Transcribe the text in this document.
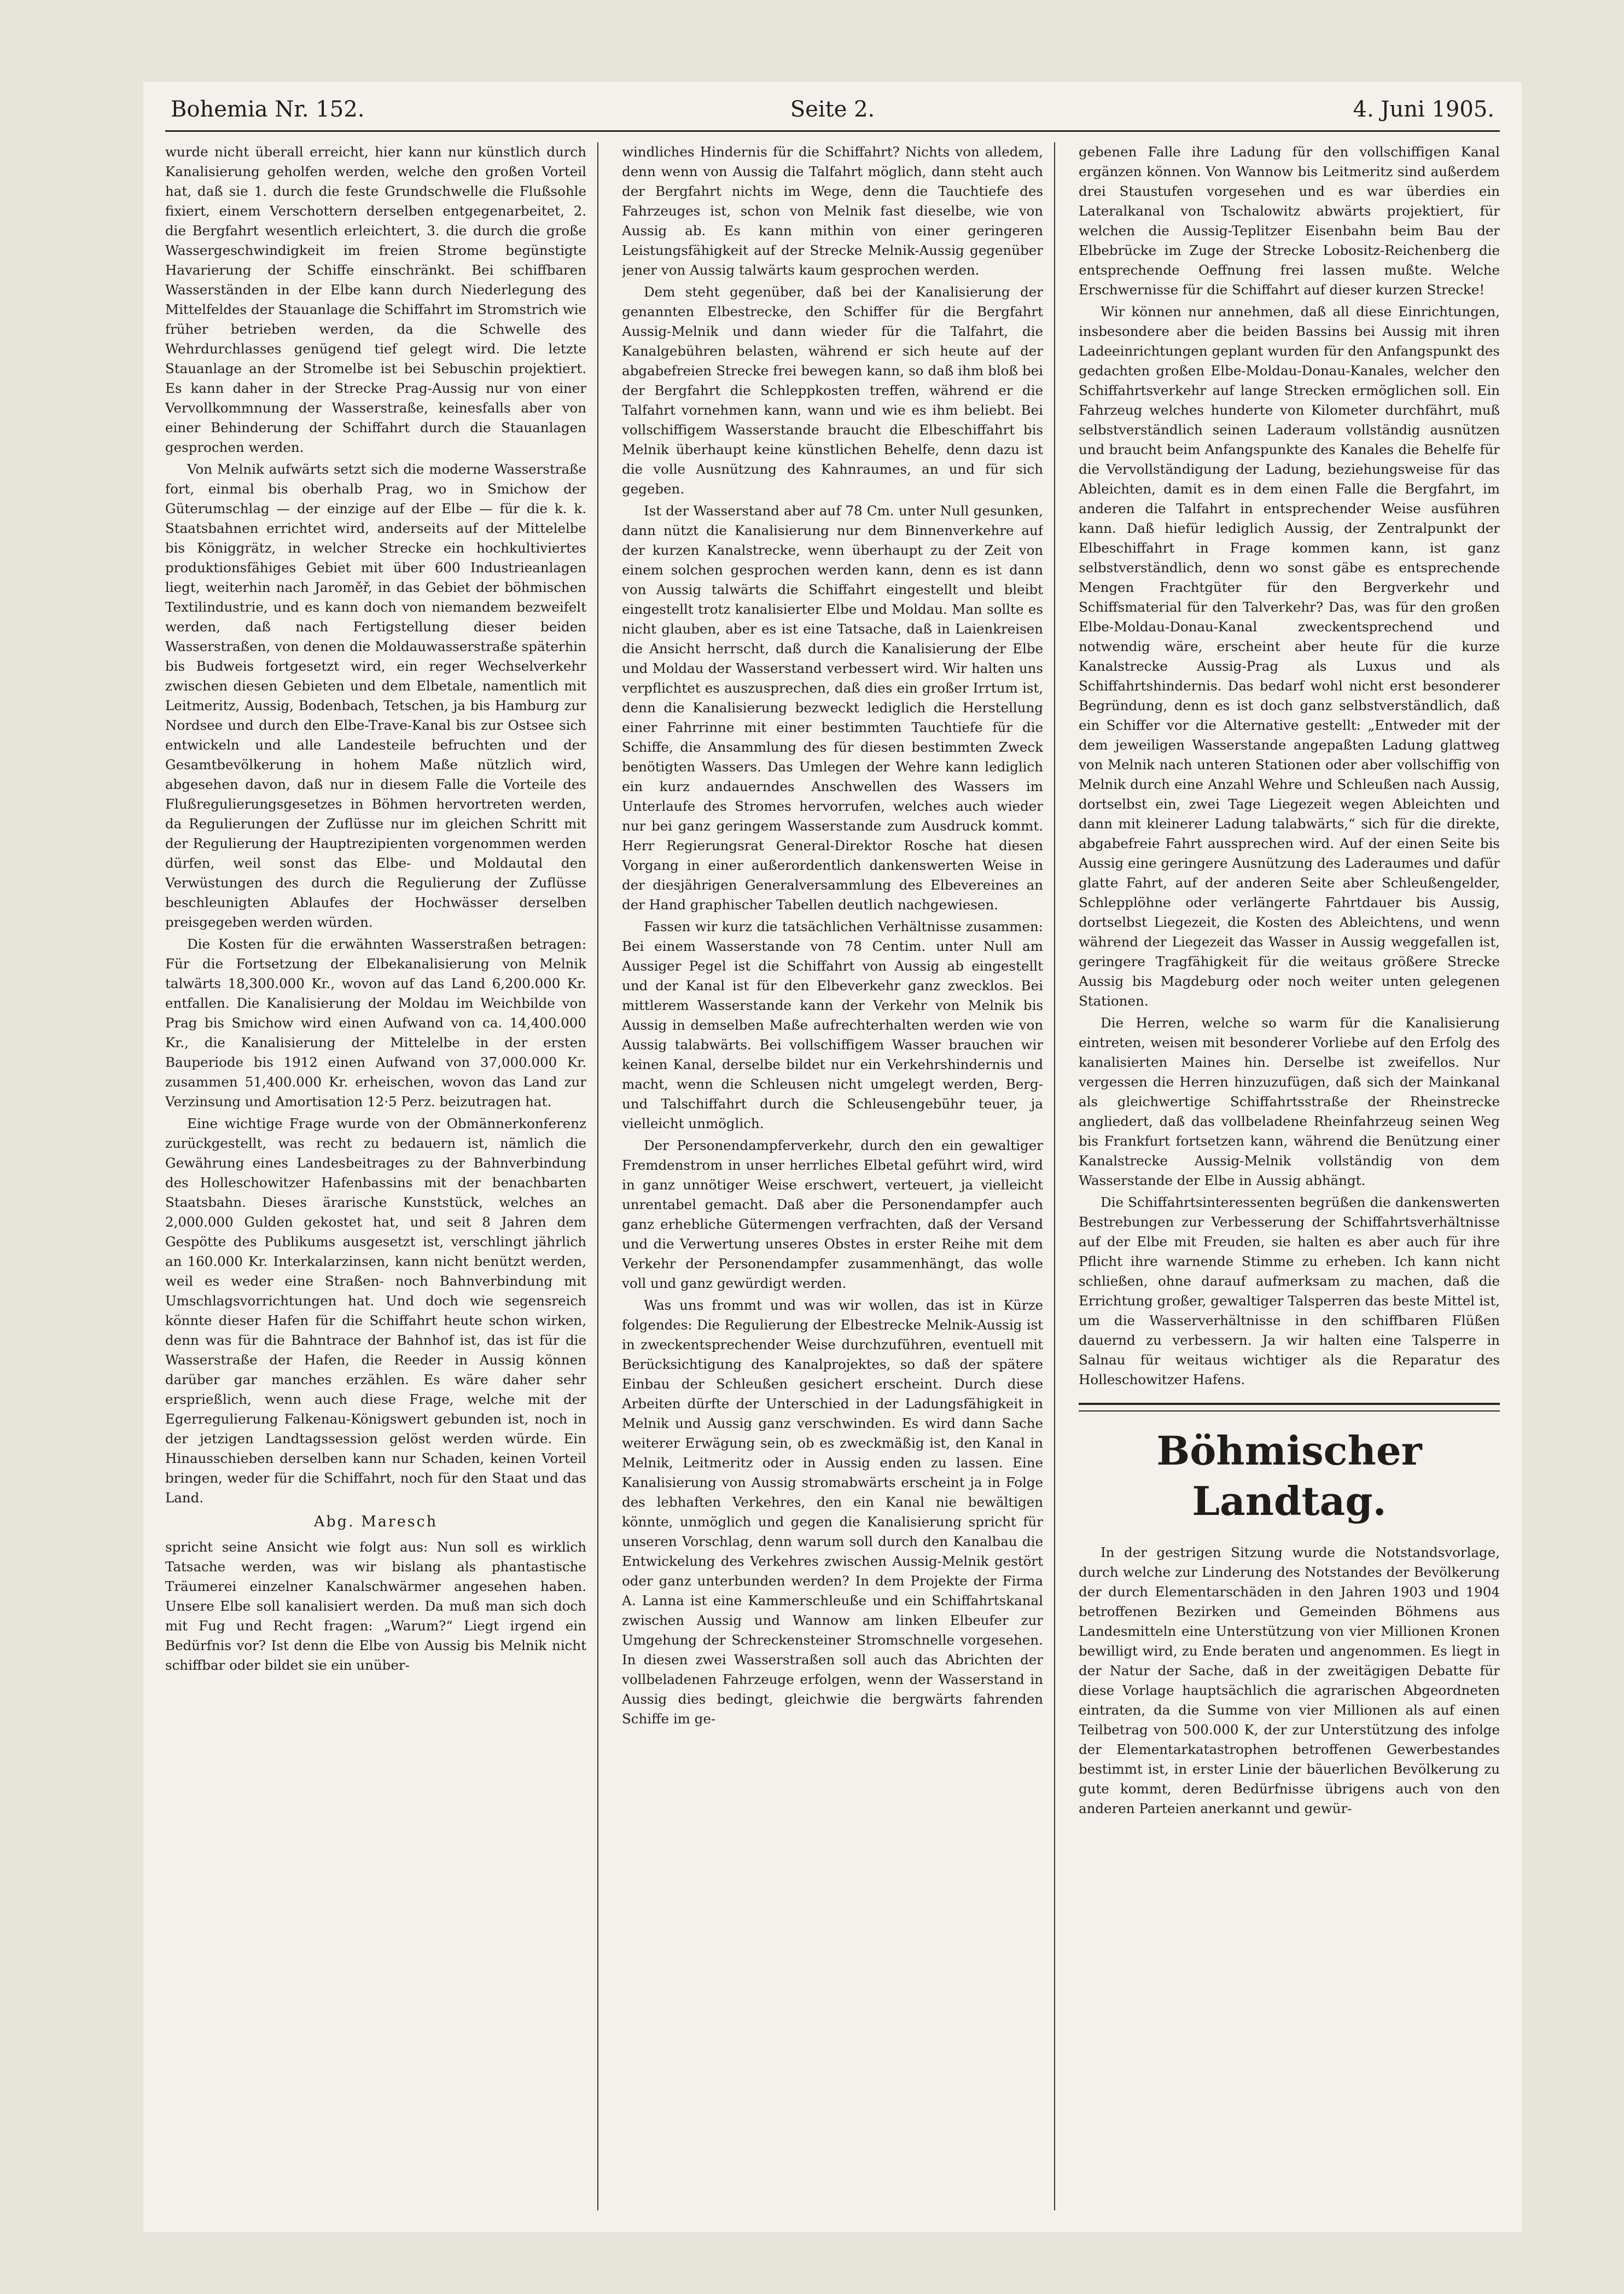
Bohemia Nr. 152.	Seite 2.	4. Juni 1905.

wurde nicht überall erreicht, hier kann nur künstlich durch Kanalisierung geholfen werden, welche den großen Vorteil hat, daß sie 1. durch die feste Grundschwelle die Flußsohle fixiert, einem Verschottern derselben entgegenarbeitet, 2. die Bergfahrt wesentlich erleichtert, 3. die durch die große Wassergeschwindigkeit im freien Strome begünstigte Havarierung der Schiffe einschränkt. Bei schiffbaren Wasserständen in der Elbe kann durch Niederlegung des Mittelfeldes der Stauanlage die Schiffahrt im Stromstrich wie früher betrieben werden, da die Schwelle des Wehrdurchlasses genügend tief gelegt wird. Die letzte Stauanlage an der Stromelbe ist bei Sebuschin projektiert. Es kann daher in der Strecke Prag-Aussig nur von einer Vervollkommnung der Wasserstraße, keinesfalls aber von einer Behinderung der Schiffahrt durch die Stauanlagen gesprochen werden.

Von Melnik aufwärts setzt sich die moderne Wasserstraße fort, einmal bis oberhalb Prag, wo in Smichow der Güterumschlag — der einzige auf der Elbe — für die k. k. Staatsbahnen errichtet wird, anderseits auf der Mittelelbe bis Königgrätz, in welcher Strecke ein hochkultiviertes produktionsfähiges Gebiet mit über 600 Industrieanlagen liegt, weiterhin nach Jaroměř, in das Gebiet der böhmischen Textilindustrie, und es kann doch von niemandem bezweifelt werden, daß nach Fertigstellung dieser beiden Wasserstraßen, von denen die Moldauwasserstraße späterhin bis Budweis fortgesetzt wird, ein reger Wechselverkehr zwischen diesen Gebieten und dem Elbetale, namentlich mit Leitmeritz, Aussig, Bodenbach, Tetschen, ja bis Hamburg zur Nordsee und durch den Elbe-Trave-Kanal bis zur Ostsee sich entwickeln und alle Landesteile befruchten und der Gesamtbevölkerung in hohem Maße nützlich wird, abgesehen davon, daß nur in diesem Falle die Vorteile des Flußregulierungsgesetzes in Böhmen hervortreten werden, da Regulierungen der Zuflüsse nur im gleichen Schritt mit der Regulierung der Hauptrezipienten vorgenommen werden dürfen, weil sonst das Elbe- und Moldautal den Verwüstungen des durch die Regulierung der Zuflüsse beschleunigten Ablaufes der Hochwässer derselben preisgegeben werden würden.

Die Kosten für die erwähnten Wasserstraßen betragen: Für die Fortsetzung der Elbekanalisierung von Melnik talwärts 18,300.000 Kr., wovon auf das Land 6,200.000 Kr. entfallen. Die Kanalisierung der Moldau im Weichbilde von Prag bis Smichow wird einen Aufwand von ca. 14,400.000 Kr., die Kanalisierung der Mittelelbe in der ersten Bauperiode bis 1912 einen Aufwand von 37,000.000 Kr. zusammen 51,400.000 Kr. erheischen, wovon das Land zur Verzinsung und Amortisation 12·5 Perz. beizutragen hat.

Eine wichtige Frage wurde von der Obmännerkonferenz zurückgestellt, was recht zu bedauern ist, nämlich die Gewährung eines Landesbeitrages zu der Bahnverbindung des Holleschowitzer Hafenbassins mit der benachbarten Staatsbahn. Dieses ärarische Kunststück, welches an 2,000.000 Gulden gekostet hat, und seit 8 Jahren dem Gespötte des Publikums ausgesetzt ist, verschlingt jährlich an 160.000 Kr. Interkalarzinsen, kann nicht benützt werden, weil es weder eine Straßen- noch Bahnverbindung mit Umschlagsvorrichtungen hat. Und doch wie segensreich könnte dieser Hafen für die Schiffahrt heute schon wirken, denn was für die Bahntrace der Bahnhof ist, das ist für die Wasserstraße der Hafen, die Reeder in Aussig können darüber gar manches erzählen. Es wäre daher sehr ersprießlich, wenn auch diese Frage, welche mit der Egerregulierung Falkenau-Königswert gebunden ist, noch in der jetzigen Landtagssession gelöst werden würde. Ein Hinausschieben derselben kann nur Schaden, keinen Vorteil bringen, weder für die Schiffahrt, noch für den Staat und das Land.

Abg. Maresch

spricht seine Ansicht wie folgt aus: Nun soll es wirklich Tatsache werden, was wir bislang als phantastische Träumerei einzelner Kanalschwärmer angesehen haben. Unsere Elbe soll kanalisiert werden. Da muß man sich doch mit Fug und Recht fragen: „Warum?“ Liegt irgend ein Bedürfnis vor? Ist denn die Elbe von Aussig bis Melnik nicht schiffbar oder bildet sie ein unüber-

windliches Hindernis für die Schiffahrt? Nichts von alledem, denn wenn von Aussig die Talfahrt möglich, dann steht auch der Bergfahrt nichts im Wege, denn die Tauchtiefe des Fahrzeuges ist, schon von Melnik fast dieselbe, wie von Aussig ab. Es kann mithin von einer geringeren Leistungsfähigkeit auf der Strecke Melnik-Aussig gegenüber jener von Aussig talwärts kaum gesprochen werden.

Dem steht gegenüber, daß bei der Kanalisierung der genannten Elbestrecke, den Schiffer für die Bergfahrt Aussig-Melnik und dann wieder für die Talfahrt, die Kanalgebühren belasten, während er sich heute auf der abgabefreien Strecke frei bewegen kann, so daß ihm bloß bei der Bergfahrt die Schleppkosten treffen, während er die Talfahrt vornehmen kann, wann und wie es ihm beliebt. Bei vollschiffigem Wasserstande braucht die Elbeschiffahrt bis Melnik überhaupt keine künstlichen Behelfe, denn dazu ist die volle Ausnützung des Kahnraumes, an und für sich gegeben.

Ist der Wasserstand aber auf 78 Cm. unter Null gesunken, dann nützt die Kanalisierung nur dem Binnenverkehre auf der kurzen Kanalstrecke, wenn überhaupt zu der Zeit von einem solchen gesprochen werden kann, denn es ist dann von Aussig talwärts die Schiffahrt eingestellt und bleibt eingestellt trotz kanalisierter Elbe und Moldau. Man sollte es nicht glauben, aber es ist eine Tatsache, daß in Laienkreisen die Ansicht herrscht, daß durch die Kanalisierung der Elbe und Moldau der Wasserstand verbessert wird. Wir halten uns verpflichtet es auszusprechen, daß dies ein großer Irrtum ist, denn die Kanalisierung bezweckt lediglich die Herstellung einer Fahrrinne mit einer bestimmten Tauchtiefe für die Schiffe, die Ansammlung des für diesen bestimmten Zweck benötigten Wassers. Das Umlegen der Wehre kann lediglich ein kurz andauerndes Anschwellen des Wassers im Unterlaufe des Stromes hervorrufen, welches auch wieder nur bei ganz geringem Wasserstande zum Ausdruck kommt. Herr Regierungsrat General-Direktor Rosche hat diesen Vorgang in einer außerordentlich dankenswerten Weise in der diesjährigen Generalversammlung des Elbevereines an der Hand graphischer Tabellen deutlich nachgewiesen.

Fassen wir kurz die tatsächlichen Verhältnisse zusammen: Bei einem Wasserstande von 78 Centim. unter Null am Aussiger Pegel ist die Schiffahrt von Aussig ab eingestellt und der Kanal ist für den Elbeverkehr ganz zwecklos. Bei mittlerem Wasserstande kann der Verkehr von Melnik bis Aussig in demselben Maße aufrechterhalten werden wie von Aussig talabwärts. Bei vollschiffigem Wasser brauchen wir keinen Kanal, derselbe bildet nur ein Verkehrshindernis und macht, wenn die Schleusen nicht umgelegt werden, Berg- und Talschiffahrt durch die Schleusengebühr teuer, ja vielleicht unmöglich.

Der Personendampferverkehr, durch den ein gewaltiger Fremdenstrom in unser herrliches Elbetal geführt wird, wird in ganz unnötiger Weise erschwert, verteuert, ja vielleicht unrentabel gemacht. Daß aber die Personendampfer auch ganz erhebliche Gütermengen verfrachten, daß der Versand und die Verwertung unseres Obstes in erster Reihe mit dem Verkehr der Personendampfer zusammenhängt, das wolle voll und ganz gewürdigt werden.

Was uns frommt und was wir wollen, das ist in Kürze folgendes: Die Regulierung der Elbestrecke Melnik-Aussig ist in zweckentsprechender Weise durchzuführen, eventuell mit Berücksichtigung des Kanalprojektes, so daß der spätere Einbau der Schleußen gesichert erscheint. Durch diese Arbeiten dürfte der Unterschied in der Ladungsfähigkeit in Melnik und Aussig ganz verschwinden. Es wird dann Sache weiterer Erwägung sein, ob es zweckmäßig ist, den Kanal in Melnik, Leitmeritz oder in Aussig enden zu lassen. Eine Kanalisierung von Aussig stromabwärts erscheint ja in Folge des lebhaften Verkehres, den ein Kanal nie bewältigen könnte, unmöglich und gegen die Kanalisierung spricht für unseren Vorschlag, denn warum soll durch den Kanalbau die Entwickelung des Verkehres zwischen Aussig-Melnik gestört oder ganz unterbunden werden? In dem Projekte der Firma A. Lanna ist eine Kammerschleuße und ein Schiffahrtskanal zwischen Aussig und Wannow am linken Elbeufer zur Umgehung der Schreckensteiner Stromschnelle vorgesehen. In diesen zwei Wasserstraßen soll auch das Abrichten der vollbeladenen Fahrzeuge erfolgen, wenn der Wasserstand in Aussig dies bedingt, gleichwie die bergwärts fahrenden Schiffe im ge-

gebenen Falle ihre Ladung für den vollschiffigen Kanal ergänzen können. Von Wannow bis Leitmeritz sind außerdem drei Staustufen vorgesehen und es war überdies ein Lateralkanal von Tschalowitz abwärts projektiert, für welchen die Aussig-Teplitzer Eisenbahn beim Bau der Elbebrücke im Zuge der Strecke Lobositz-Reichenberg die entsprechende Oeffnung frei lassen mußte. Welche Erschwernisse für die Schiffahrt auf dieser kurzen Strecke!

Wir können nur annehmen, daß all diese Einrichtungen, insbesondere aber die beiden Bassins bei Aussig mit ihren Ladeeinrichtungen geplant wurden für den Anfangspunkt des gedachten großen Elbe-Moldau-Donau-Kanales, welcher den Schiffahrtsverkehr auf lange Strecken ermöglichen soll. Ein Fahrzeug welches hunderte von Kilometer durchfährt, muß selbstverständlich seinen Laderaum vollständig ausnützen und braucht beim Anfangspunkte des Kanales die Behelfe für die Vervollständigung der Ladung, beziehungsweise für das Ableichten, damit es in dem einen Falle die Bergfahrt, im anderen die Talfahrt in entsprechender Weise ausführen kann. Daß hiefür lediglich Aussig, der Zentralpunkt der Elbeschiffahrt in Frage kommen kann, ist ganz selbstverständlich, denn wo sonst gäbe es entsprechende Mengen Frachtgüter für den Bergverkehr und Schiffsmaterial für den Talverkehr? Das, was für den großen Elbe-Moldau-Donau-Kanal zweckentsprechend und notwendig wäre, erscheint aber heute für die kurze Kanalstrecke Aussig-Prag als Luxus und als Schiffahrtshindernis. Das bedarf wohl nicht erst besonderer Begründung, denn es ist doch ganz selbstverständlich, daß ein Schiffer vor die Alternative gestellt: „Entweder mit der dem jeweiligen Wasserstande angepaßten Ladung glattweg von Melnik nach unteren Stationen oder aber vollschiffig von Melnik durch eine Anzahl Wehre und Schleußen nach Aussig, dortselbst ein, zwei Tage Liegezeit wegen Ableichten und dann mit kleinerer Ladung talabwärts,“ sich für die direkte, abgabefreie Fahrt aussprechen wird. Auf der einen Seite bis Aussig eine geringere Ausnützung des Laderaumes und dafür glatte Fahrt, auf der anderen Seite aber Schleußengelder, Schlepplöhne oder verlängerte Fahrtdauer bis Aussig, dortselbst Liegezeit, die Kosten des Ableichtens, und wenn während der Liegezeit das Wasser in Aussig weggefallen ist, geringere Tragfähigkeit für die weitaus größere Strecke Aussig bis Magdeburg oder noch weiter unten gelegenen Stationen.

Die Herren, welche so warm für die Kanalisierung eintreten, weisen mit besonderer Vorliebe auf den Erfolg des kanalisierten Maines hin. Derselbe ist zweifellos. Nur vergessen die Herren hinzuzufügen, daß sich der Mainkanal als gleichwertige Schiffahrtsstraße der Rheinstrecke angliedert, daß das vollbeladene Rheinfahrzeug seinen Weg bis Frankfurt fortsetzen kann, während die Benützung einer Kanalstrecke Aussig-Melnik vollständig von dem Wasserstande der Elbe in Aussig abhängt.

Die Schiffahrtsinteressenten begrüßen die dankenswerten Bestrebungen zur Verbesserung der Schiffahrtsverhältnisse auf der Elbe mit Freuden, sie halten es aber auch für ihre Pflicht ihre warnende Stimme zu erheben. Ich kann nicht schließen, ohne darauf aufmerksam zu machen, daß die Errichtung großer, gewaltiger Talsperren das beste Mittel ist, um die Wasserverhältnisse in den schiffbaren Flüßen dauernd zu verbessern. Ja wir halten eine Talsperre in Salnau für weitaus wichtiger als die Reparatur des Holleschowitzer Hafens.

Böhmischer Landtag.

In der gestrigen Sitzung wurde die Notstandsvorlage, durch welche zur Linderung des Notstandes der Bevölkerung der durch Elementarschäden in den Jahren 1903 und 1904 betroffenen Bezirken und Gemeinden Böhmens aus Landesmitteln eine Unterstützung von vier Millionen Kronen bewilligt wird, zu Ende beraten und angenommen. Es liegt in der Natur der Sache, daß in der zweitägigen Debatte für diese Vorlage hauptsächlich die agrarischen Abgeordneten eintraten, da die Summe von vier Millionen als auf einen Teilbetrag von 500.000 K, der zur Unterstützung des infolge der Elementarkatastrophen betroffenen Gewerbestandes bestimmt ist, in erster Linie der bäuerlichen Bevölkerung zu gute kommt, deren Bedürfnisse übrigens auch von den anderen Parteien anerkannt und gewür-
